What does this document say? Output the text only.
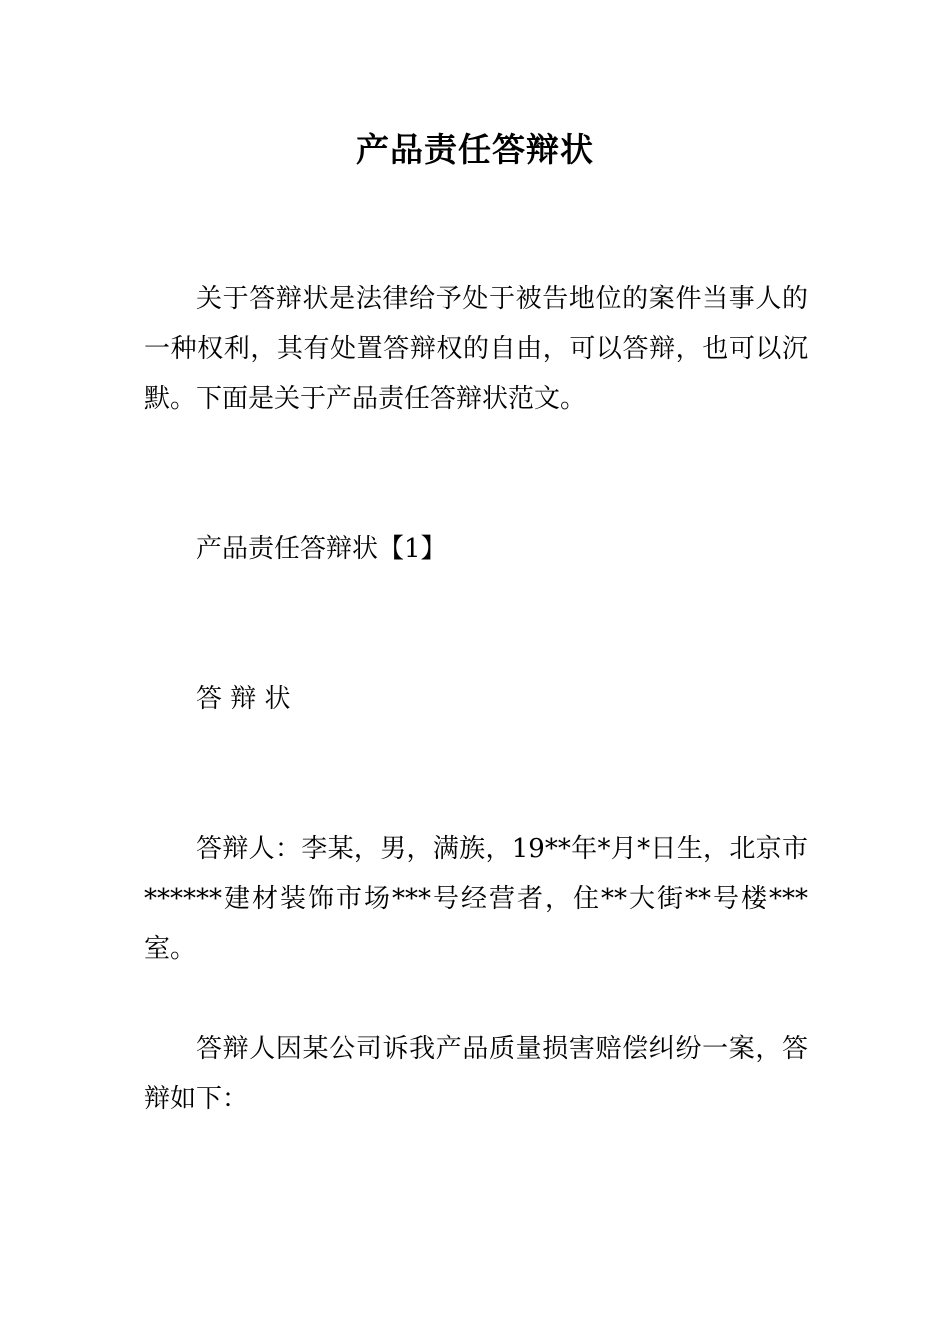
产品责任答辩状

关于答辩状是法律给予处于被告地位的案件当事人的一种权利，其有处置答辩权的自由，可以答辩，也可以沉默。下面是关于产品责任答辩状范文。

产品责任答辩状【1】

答 辩 状

答辩人：李某，男，满族，19**年*月*日生，北京市******建材装饰市场***号经营者，住**大街**号楼***室。

答辩人因某公司诉我产品质量损害赔偿纠纷一案，答辩如下：
